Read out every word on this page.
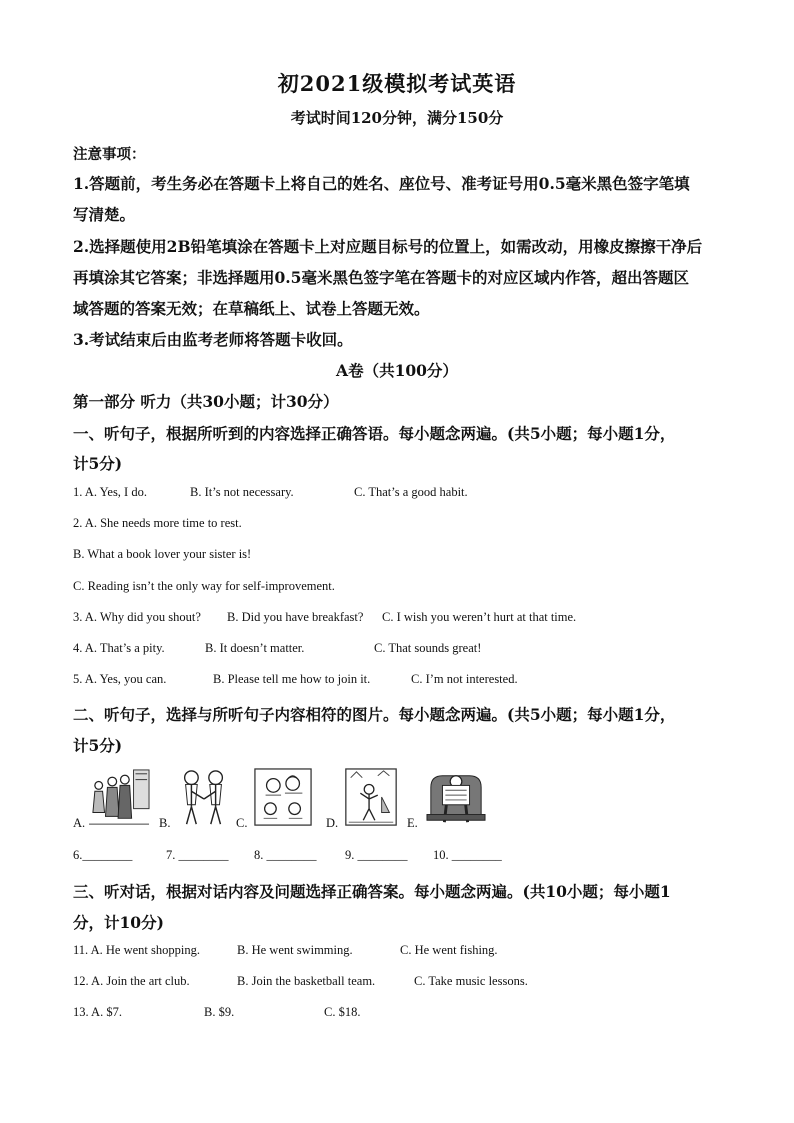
初2021级模拟考试英语
考试时间120分钟，满分150分
注意事项：
1.答题前，考生务必在答题卡上将自己的姓名、座位号、准考证号用0.5毫米黑色签字笔填
写清楚。
2.选择题使用2B铅笔填涂在答题卡上对应题目标号的位置上，如需改动，用橡皮擦擦干净后
再填涂其它答案；非选择题用0.5毫米黑色签字笔在答题卡的对应区域内作答，超出答题区
域答题的答案无效；在草稿纸上、试卷上答题无效。
3.考试结束后由监考老师将答题卡收回。
A卷（共100分）
第一部分 听力（共30小题；计30分）
一、听句子，根据所听到的内容选择正确答语。每小题念两遍。(共5小题；每小题1分，
计5分)
1. A. Yes, I do.	B. It’s not necessary.	C. That’s a good habit.
2. A. She needs more time to rest.
B. What a book lover your sister is!
C. Reading isn’t the only way for self-improvement.
3. A. Why did you shout? B. Did you have breakfast? C. I wish you weren’t hurt at that time.
4. A. That’s a pity.	B. It doesn’t matter.	C. That sounds great!
5. A. Yes, you can.	B. Please tell me how to join it.	C. I’m not interested.
二、听句子，选择与所听句子内容相符的图片。每小题念两遍。(共5小题；每小题1分，
计5分)
A.	B.	C.	D.	E.
6.________	7. ________ 8. ________ 9. ________ 10. ________
三、听对话，根据对话内容及问题选择正确答案。每小题念两遍。(共10小题；每小题1
分，计10分)
11. A. He went shopping.	B. He went swimming.	C. He went fishing.
12. A. Join the art club.	B. Join the basketball team.	C. Take music lessons.
13. A. $7.	B. $9.	C. $18.
